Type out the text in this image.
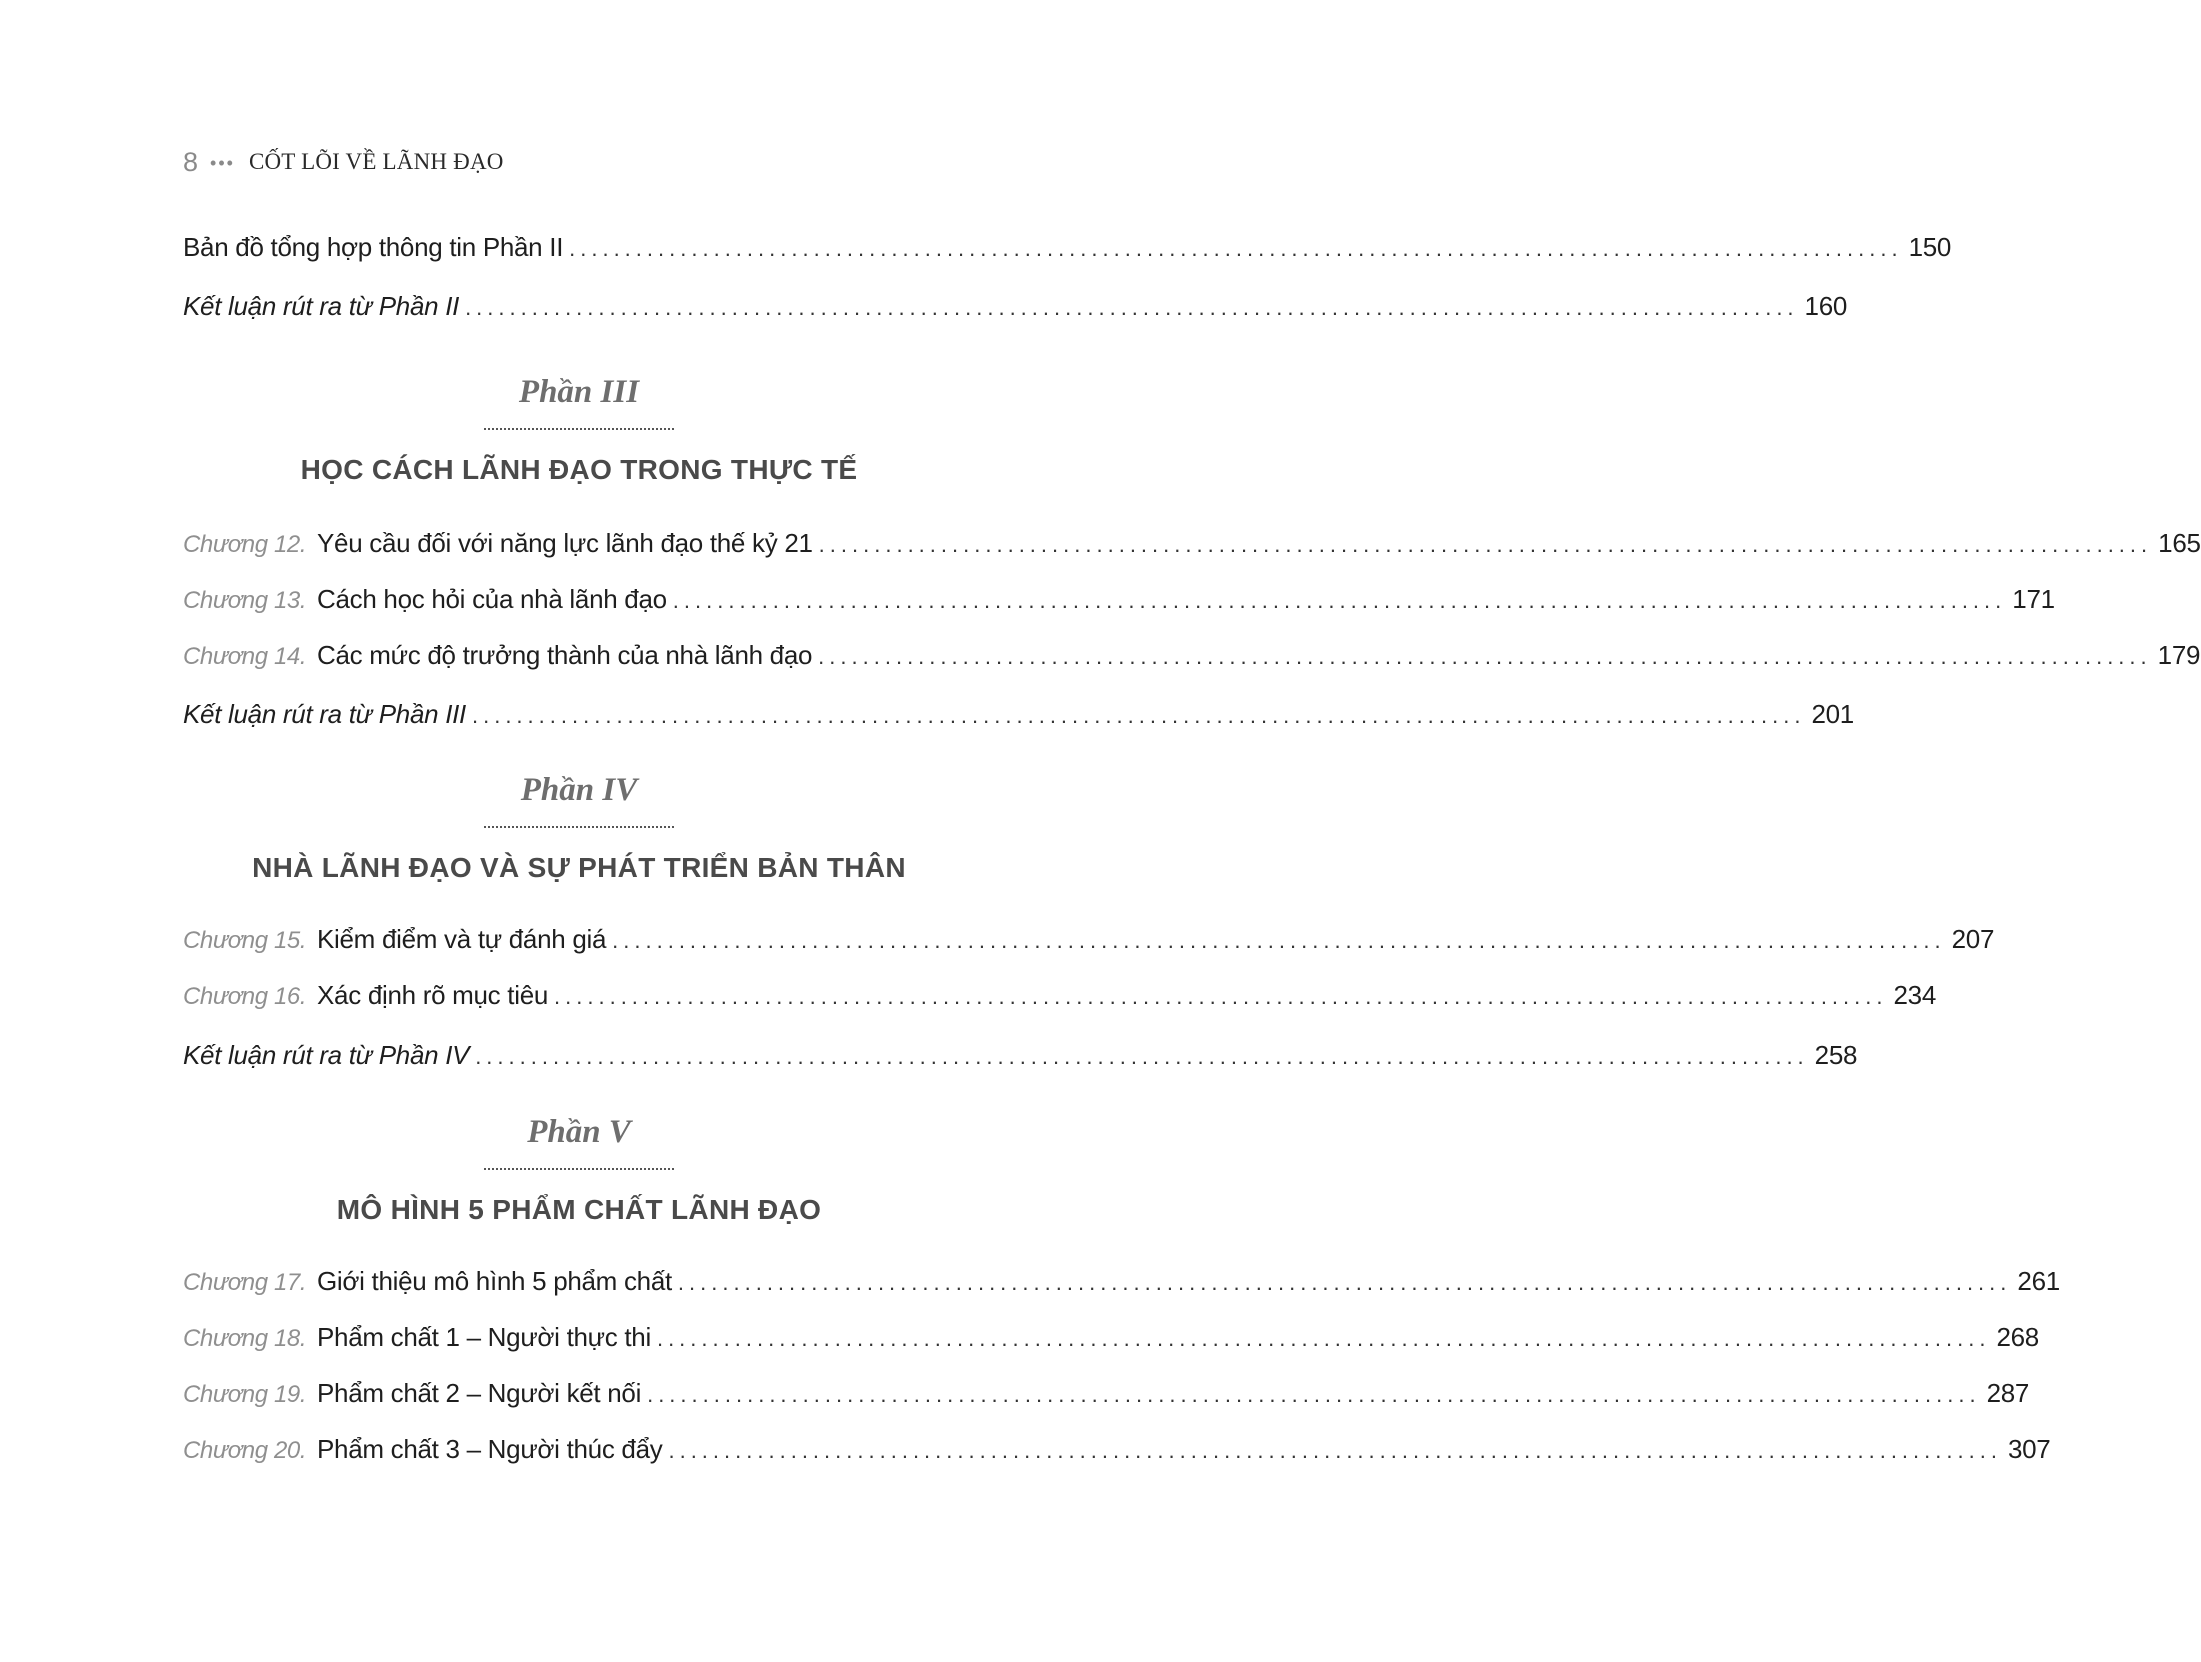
8 ••• CỐT LÕI VỀ LÃNH ĐẠO
Bản đồ tổng hợp thông tin Phần II ........................................................................................................................ 150
Kết luận rút ra từ Phần II ........................................................................................................................ 160
Phần III
HỌC CÁCH LÃNH ĐẠO TRONG THỰC TẾ
Chương 12. Yêu cầu đối với năng lực lãnh đạo thế kỷ 21 ........................................................................................................................ 165
Chương 13. Cách học hỏi của nhà lãnh đạo ........................................................................................................................ 171
Chương 14. Các mức độ trưởng thành của nhà lãnh đạo ........................................................................................................................ 179
Kết luận rút ra từ Phần III ........................................................................................................................ 201
Phần IV
NHÀ LÃNH ĐẠO VÀ SỰ PHÁT TRIỂN BẢN THÂN
Chương 15. Kiểm điểm và tự đánh giá ........................................................................................................................ 207
Chương 16. Xác định rõ mục tiêu ........................................................................................................................ 234
Kết luận rút ra từ Phần IV ........................................................................................................................ 258
Phần V
MÔ HÌNH 5 PHẨM CHẤT LÃNH ĐẠO
Chương 17. Giới thiệu mô hình 5 phẩm chất ........................................................................................................................ 261
Chương 18. Phẩm chất 1 – Người thực thi ........................................................................................................................ 268
Chương 19. Phẩm chất 2 – Người kết nối ........................................................................................................................ 287
Chương 20. Phẩm chất 3 – Người thúc đẩy ........................................................................................................................ 307
